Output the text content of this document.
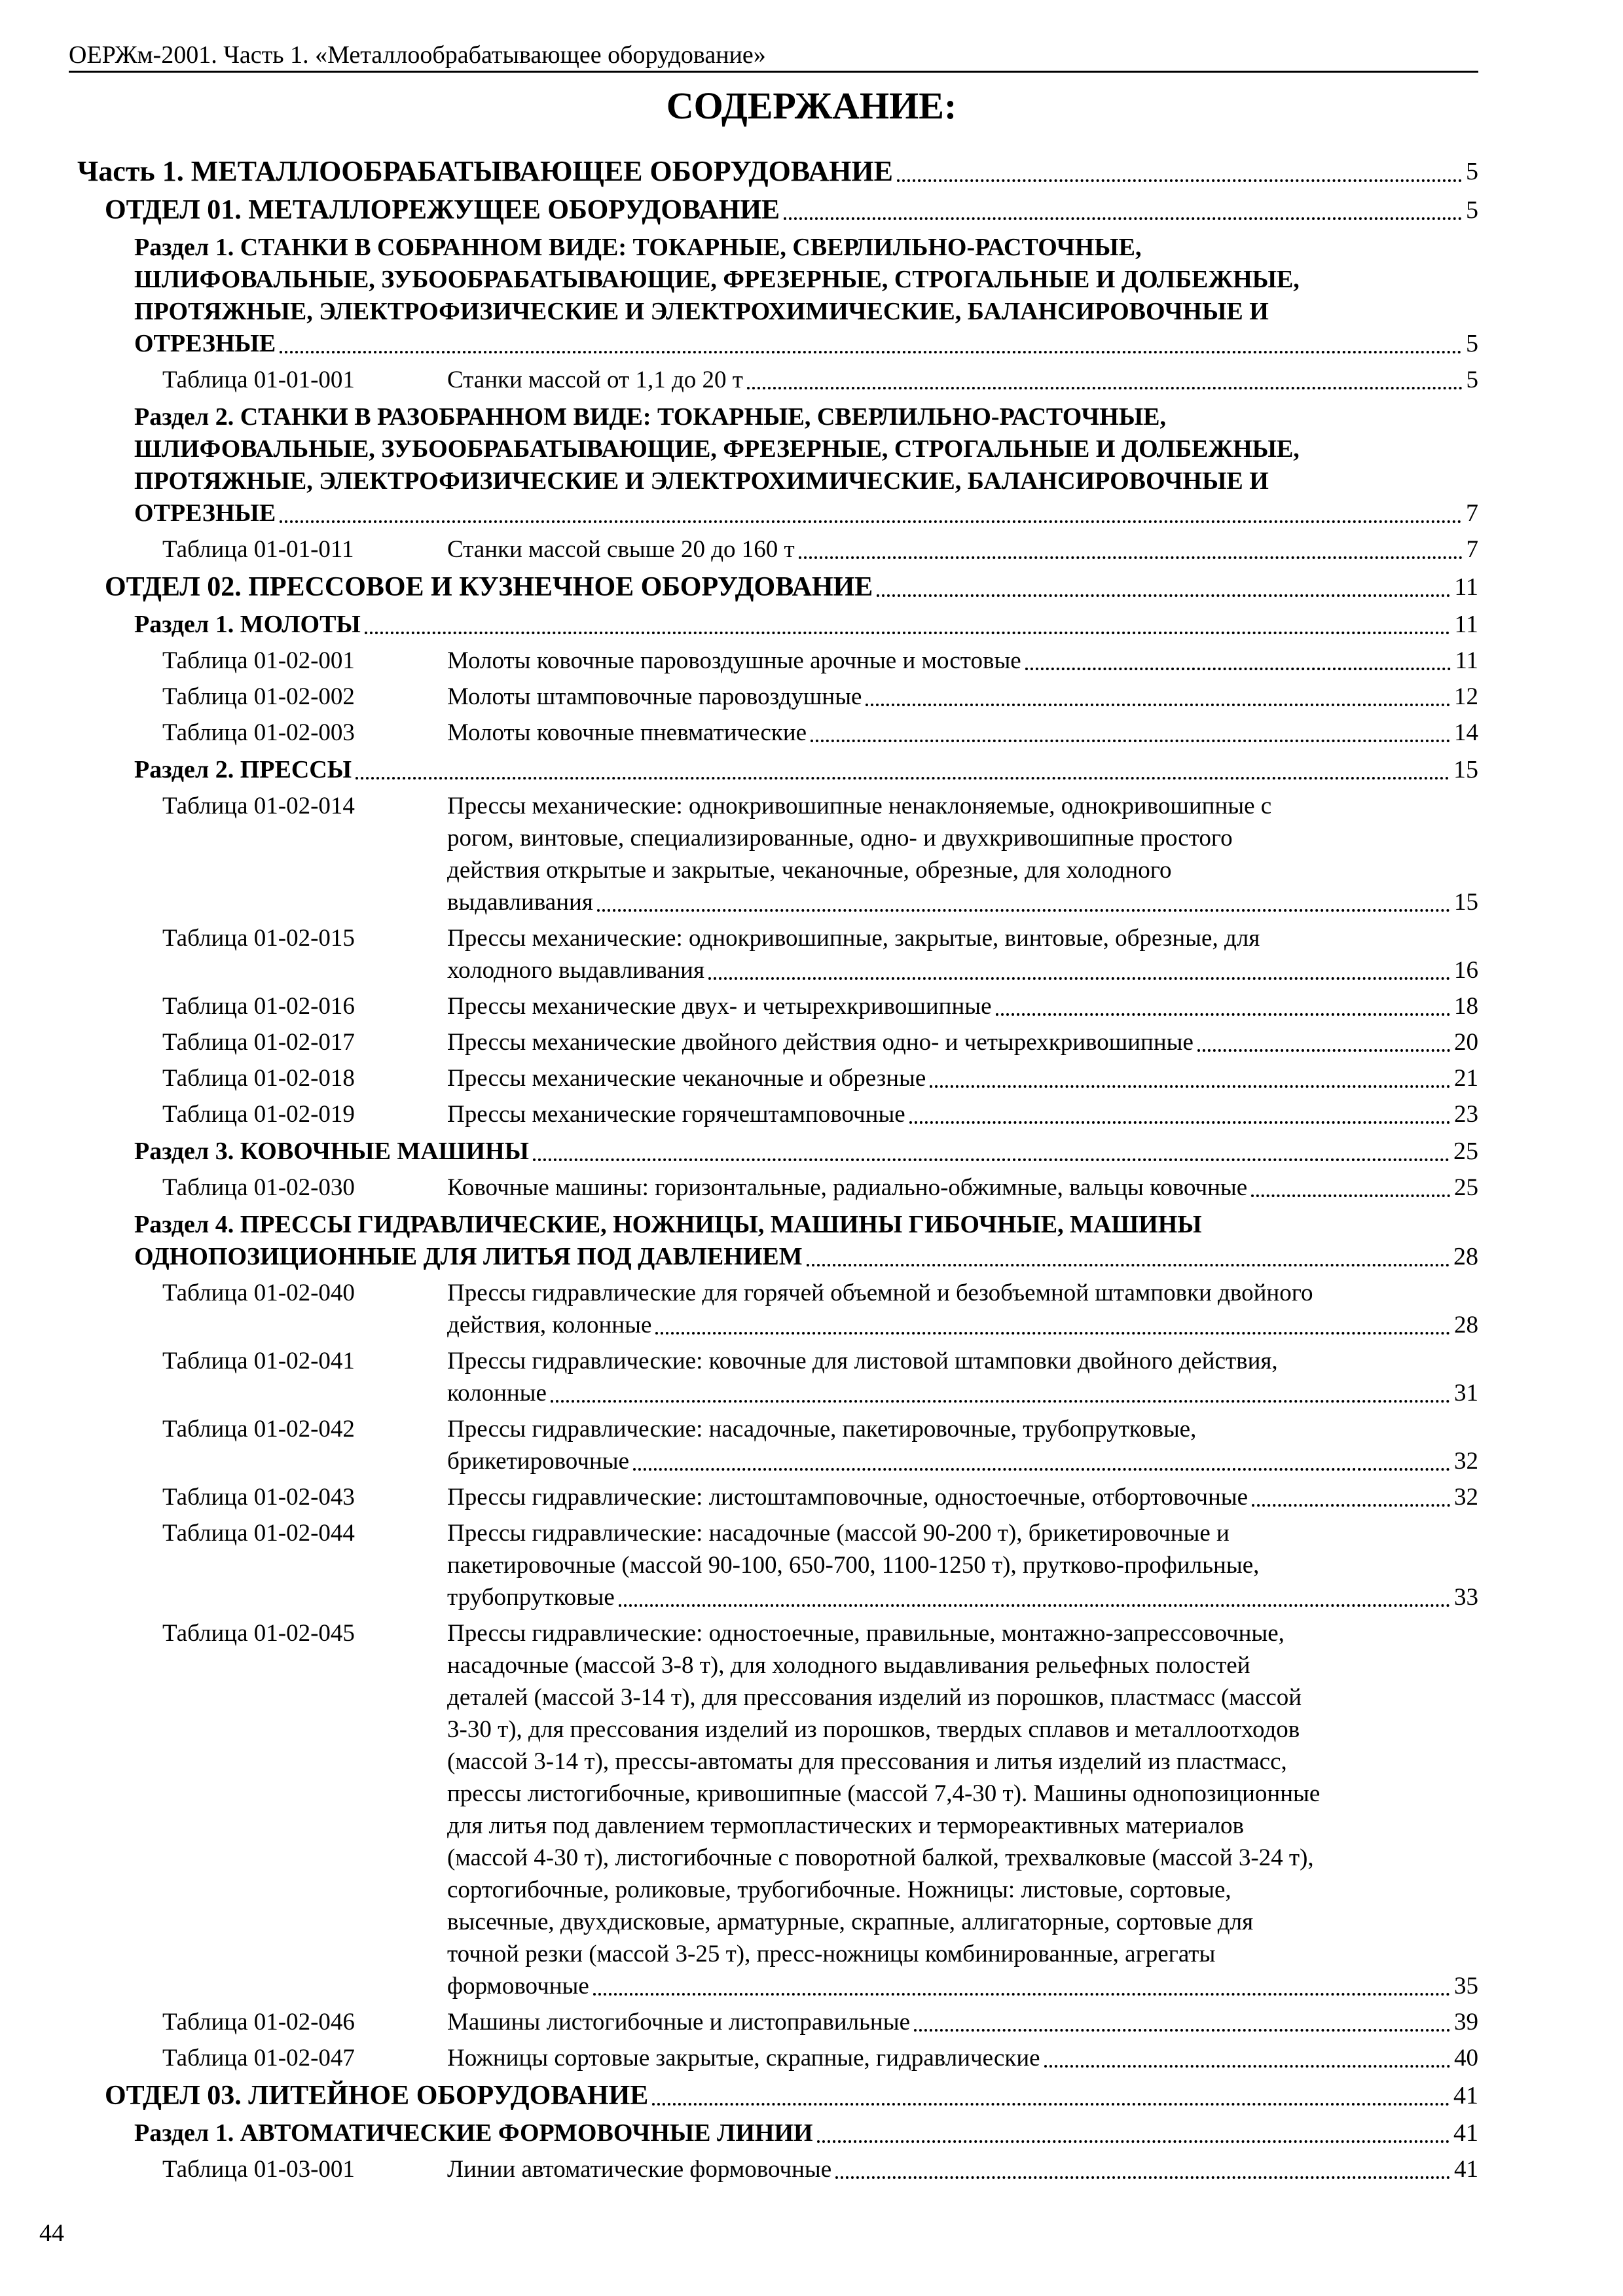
ОЕРЖм-2001. Часть 1. «Металлообрабатывающее оборудование»
СОДЕРЖАНИЕ:
Часть 1. МЕТАЛЛООБРАБАТЫВАЮЩЕЕ ОБОРУДОВАНИЕ	5
ОТДЕЛ 01. МЕТАЛЛОРЕЖУЩЕЕ ОБОРУДОВАНИЕ	5
Раздел 1. СТАНКИ В СОБРАННОМ ВИДЕ: ТОКАРНЫЕ, СВЕРЛИЛЬНО-РАСТОЧНЫЕ,
ШЛИФОВАЛЬНЫЕ, ЗУБООБРАБАТЫВАЮЩИЕ, ФРЕЗЕРНЫЕ, СТРОГАЛЬНЫЕ И ДОЛБЕЖНЫЕ,
ПРОТЯЖНЫЕ, ЭЛЕКТРОФИЗИЧЕСКИЕ И ЭЛЕКТРОХИМИЧЕСКИЕ, БАЛАНСИРОВОЧНЫЕ И
ОТРЕЗНЫЕ	5
Таблица 01-01-001	Станки массой от 1,1 до 20 т	5
Раздел 2. СТАНКИ В РАЗОБРАННОМ ВИДЕ: ТОКАРНЫЕ, СВЕРЛИЛЬНО-РАСТОЧНЫЕ,
ШЛИФОВАЛЬНЫЕ, ЗУБООБРАБАТЫВАЮЩИЕ, ФРЕЗЕРНЫЕ, СТРОГАЛЬНЫЕ И ДОЛБЕЖНЫЕ,
ПРОТЯЖНЫЕ, ЭЛЕКТРОФИЗИЧЕСКИЕ И ЭЛЕКТРОХИМИЧЕСКИЕ, БАЛАНСИРОВОЧНЫЕ И
ОТРЕЗНЫЕ	7
Таблица 01-01-011	Станки массой свыше 20 до 160 т	7
ОТДЕЛ 02. ПРЕССОВОЕ И КУЗНЕЧНОЕ ОБОРУДОВАНИЕ	11
Раздел 1. МОЛОТЫ	11
Таблица 01-02-001	Молоты ковочные паровоздушные арочные и мостовые	11
Таблица 01-02-002	Молоты штамповочные паровоздушные	12
Таблица 01-02-003	Молоты ковочные пневматические	14
Раздел 2. ПРЕССЫ	15
Таблица 01-02-014	Прессы механические: однокривошипные ненаклоняемые, однокривошипные с
рогом, винтовые, специализированные, одно- и двухкривошипные простого
действия открытые и закрытые, чеканочные, обрезные, для холодного
выдавливания	15
Таблица 01-02-015	Прессы механические: однокривошипные, закрытые, винтовые, обрезные, для
холодного выдавливания	16
Таблица 01-02-016	Прессы механические двух- и четырехкривошипные	18
Таблица 01-02-017	Прессы механические двойного действия одно- и четырехкривошипные	20
Таблица 01-02-018	Прессы механические чеканочные и обрезные	21
Таблица 01-02-019	Прессы механические горячештамповочные	23
Раздел 3. КОВОЧНЫЕ МАШИНЫ	25
Таблица 01-02-030	Ковочные машины: горизонтальные, радиально-обжимные, вальцы ковочные	25
Раздел 4. ПРЕССЫ ГИДРАВЛИЧЕСКИЕ, НОЖНИЦЫ, МАШИНЫ ГИБОЧНЫЕ, МАШИНЫ
ОДНОПОЗИЦИОННЫЕ ДЛЯ ЛИТЬЯ ПОД ДАВЛЕНИЕМ	28
Таблица 01-02-040	Прессы гидравлические для горячей объемной и безобъемной штамповки двойного
действия, колонные	28
Таблица 01-02-041	Прессы гидравлические: ковочные для листовой штамповки двойного действия,
колонные	31
Таблица 01-02-042	Прессы гидравлические: насадочные, пакетировочные, трубопрутковые,
брикетировочные	32
Таблица 01-02-043	Прессы гидравлические: листоштамповочные, одностоечные, отбортовочные	32
Таблица 01-02-044	Прессы гидравлические: насадочные (массой 90-200 т), брикетировочные и
пакетировочные (массой 90-100, 650-700, 1100-1250 т), прутково-профильные,
трубопрутковые	33
Таблица 01-02-045	Прессы гидравлические: одностоечные, правильные, монтажно-запрессовочные,
насадочные (массой 3-8 т), для холодного выдавливания рельефных полостей
деталей (массой 3-14 т), для прессования изделий из порошков, пластмасс (массой
3-30 т), для прессования изделий из порошков, твердых сплавов и металлоотходов
(массой 3-14 т), прессы-автоматы для прессования и литья изделий из пластмасс,
прессы листогибочные, кривошипные (массой 7,4-30 т). Машины однопозиционные
для литья под давлением термопластических и термореактивных материалов
(массой 4-30 т), листогибочные с поворотной балкой, трехвалковые (массой 3-24 т),
сортогибочные, роликовые, трубогибочные. Ножницы: листовые, сортовые,
высечные, двухдисковые, арматурные, скрапные, аллигаторные, сортовые для
точной резки (массой 3-25 т), пресс-ножницы комбинированные, агрегаты
формовочные	35
Таблица 01-02-046	Машины листогибочные и листоправильные	39
Таблица 01-02-047	Ножницы сортовые закрытые, скрапные, гидравлические	40
ОТДЕЛ 03. ЛИТЕЙНОЕ ОБОРУДОВАНИЕ	41
Раздел 1. АВТОМАТИЧЕСКИЕ ФОРМОВОЧНЫЕ ЛИНИИ	41
Таблица 01-03-001	Линии автоматические формовочные	41
44
